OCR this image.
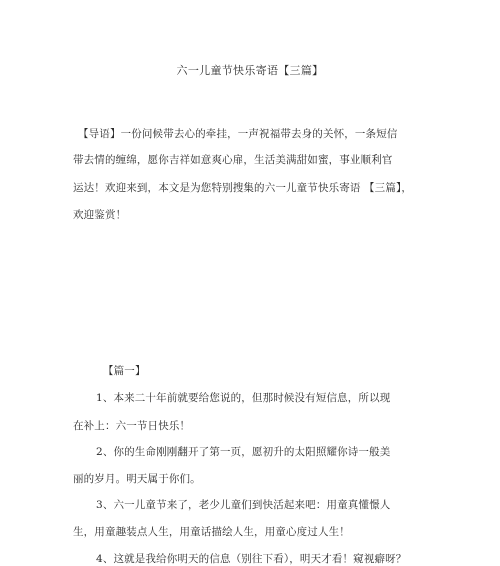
六一儿童节快乐寄语【三篇】
【导语】一份问候带去心的牵挂，一声祝福带去身的关怀，一条短信
带去情的缠绵，愿你吉祥如意爽心扉，生活美满甜如蜜，事业顺利官
运达！欢迎来到，本文是为您特别搜集的六一儿童节快乐寄语 【三篇】，
欢迎鉴赏！
【篇一】
1、本来二十年前就要给您说的，但那时候没有短信息，所以现
在补上：六一节日快乐！
2、你的生命刚刚翻开了第一页，愿初升的太阳照耀你诗一般美
丽的岁月。明天属于你们。
3、六一儿童节来了，老少儿童们到快活起来吧：用童真懂憬人
生，用童趣装点人生，用童话描绘人生，用童心度过人生！
4、这就是我给你明天的信息（别往下看），明天才看！窥视癖呀？
